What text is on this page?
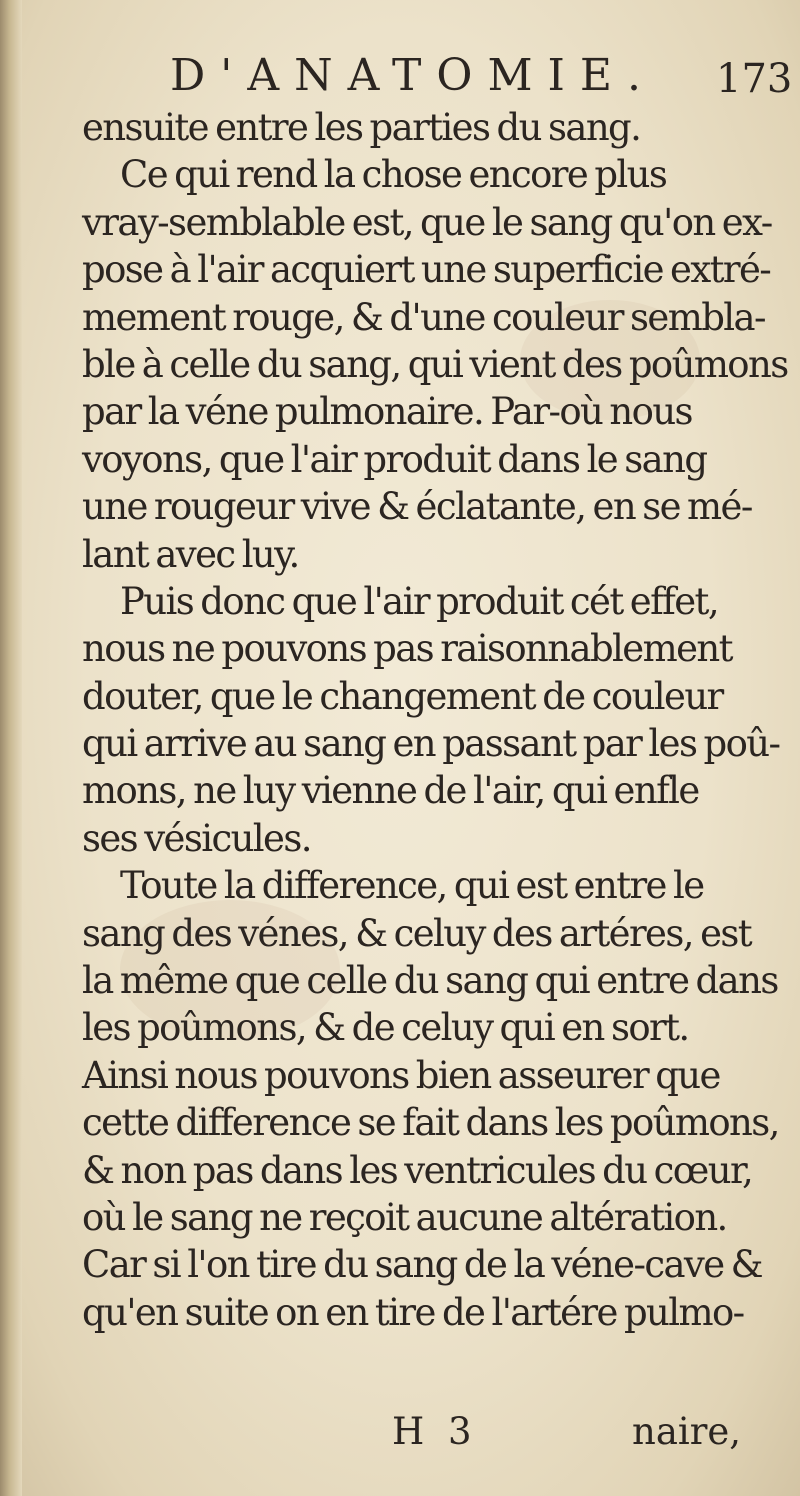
D'ANATOMIE. 173
ensuite entre les parties du sang.
Ce qui rend la chose encore plus
vray-semblable est, que le sang qu'on ex-
pose à l'air acquiert une superficie extré-
mement rouge, & d'une couleur sembla-
ble à celle du sang, qui vient des poûmons
par la véne pulmonaire. Par-où nous
voyons, que l'air produit dans le sang
une rougeur vive & éclatante, en se mé-
lant avec luy.
Puis donc que l'air produit cét effet,
nous ne pouvons pas raisonnablement
douter, que le changement de couleur
qui arrive au sang en passant par les poû-
mons, ne luy vienne de l'air, qui enfle
ses vésicules.
Toute la difference, qui est entre le
sang des vénes, & celuy des artéres, est
la même que celle du sang qui entre dans
les poûmons, & de celuy qui en sort.
Ainsi nous pouvons bien asseurer que
cette difference se fait dans les poûmons,
& non pas dans les ventricules du cœur,
où le sang ne reçoit aucune altération.
Car si l'on tire du sang de la véne-cave &
qu'en suite on en tire de l'artére pulmo-
H 3	naire,
